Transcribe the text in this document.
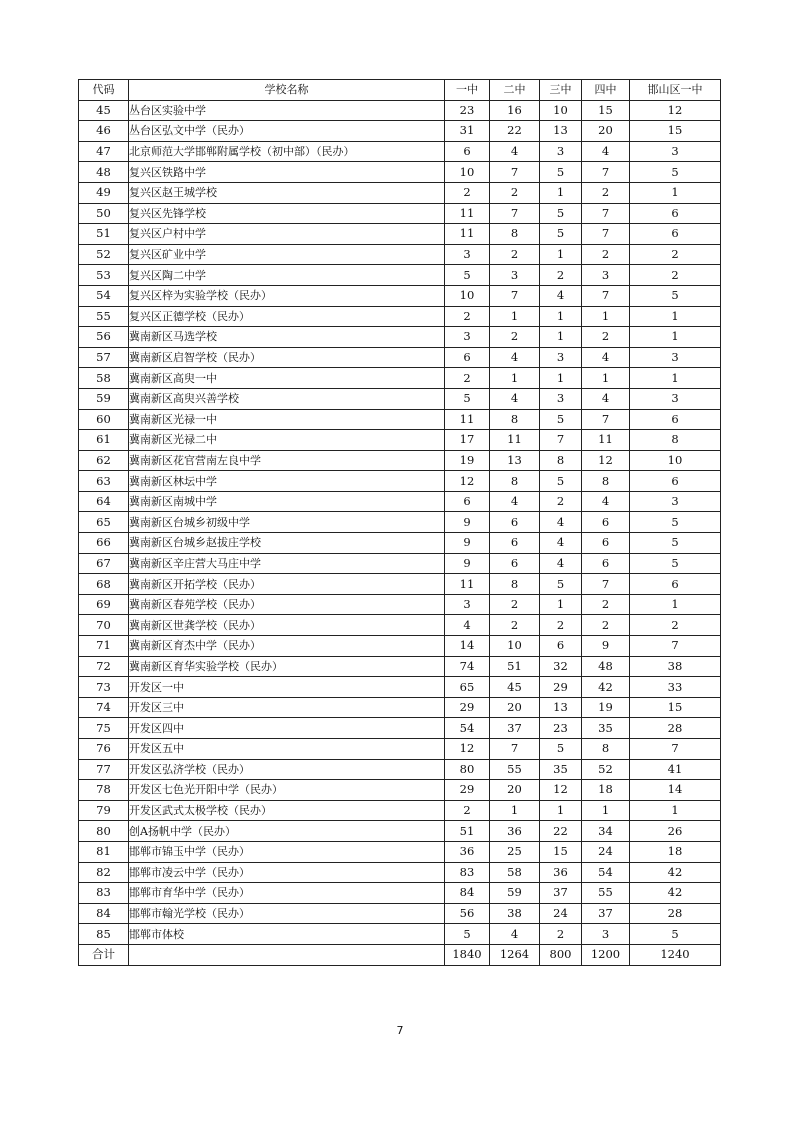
代码	学校名称	一中	二中	三中	四中	邯山区一中
45	丛台区实验中学	23	16	10	15	12
46	丛台区弘文中学（民办）	31	22	13	20	15
47	北京师范大学邯郸附属学校（初中部）（民办）	6	4	3	4	3
48	复兴区铁路中学	10	7	5	7	5
49	复兴区赵王城学校	2	2	1	2	1
50	复兴区先锋学校	11	7	5	7	6
51	复兴区户村中学	11	8	5	7	6
52	复兴区矿业中学	3	2	1	2	2
53	复兴区陶二中学	5	3	2	3	2
54	复兴区梓为实验学校（民办）	10	7	4	7	5
55	复兴区正德学校（民办）	2	1	1	1	1
56	冀南新区马选学校	3	2	1	2	1
57	冀南新区启智学校（民办）	6	4	3	4	3
58	冀南新区高臾一中	2	1	1	1	1
59	冀南新区高臾兴善学校	5	4	3	4	3
60	冀南新区光禄一中	11	8	5	7	6
61	冀南新区光禄二中	17	11	7	11	8
62	冀南新区花官营南左良中学	19	13	8	12	10
63	冀南新区林坛中学	12	8	5	8	6
64	冀南新区南城中学	6	4	2	4	3
65	冀南新区台城乡初级中学	9	6	4	6	5
66	冀南新区台城乡赵拔庄学校	9	6	4	6	5
67	冀南新区辛庄营大马庄中学	9	6	4	6	5
68	冀南新区开拓学校（民办）	11	8	5	7	6
69	冀南新区春苑学校（民办）	3	2	1	2	1
70	冀南新区世龚学校（民办）	4	2	2	2	2
71	冀南新区育杰中学（民办）	14	10	6	9	7
72	冀南新区育华实验学校（民办）	74	51	32	48	38
73	开发区一中	65	45	29	42	33
74	开发区三中	29	20	13	19	15
75	开发区四中	54	37	23	35	28
76	开发区五中	12	7	5	8	7
77	开发区弘济学校（民办）	80	55	35	52	41
78	开发区七色光开阳中学（民办）	29	20	12	18	14
79	开发区武式太极学校（民办）	2	1	1	1	1
80	创A扬帆中学（民办）	51	36	22	34	26
81	邯郸市锦玉中学（民办）	36	25	15	24	18
82	邯郸市凌云中学（民办）	83	58	36	54	42
83	邯郸市育华中学（民办）	84	59	37	55	42
84	邯郸市翰光学校（民办）	56	38	24	37	28
85	邯郸市体校	5	4	2	3	5
合计		1840	1264	800	1200	1240
7
